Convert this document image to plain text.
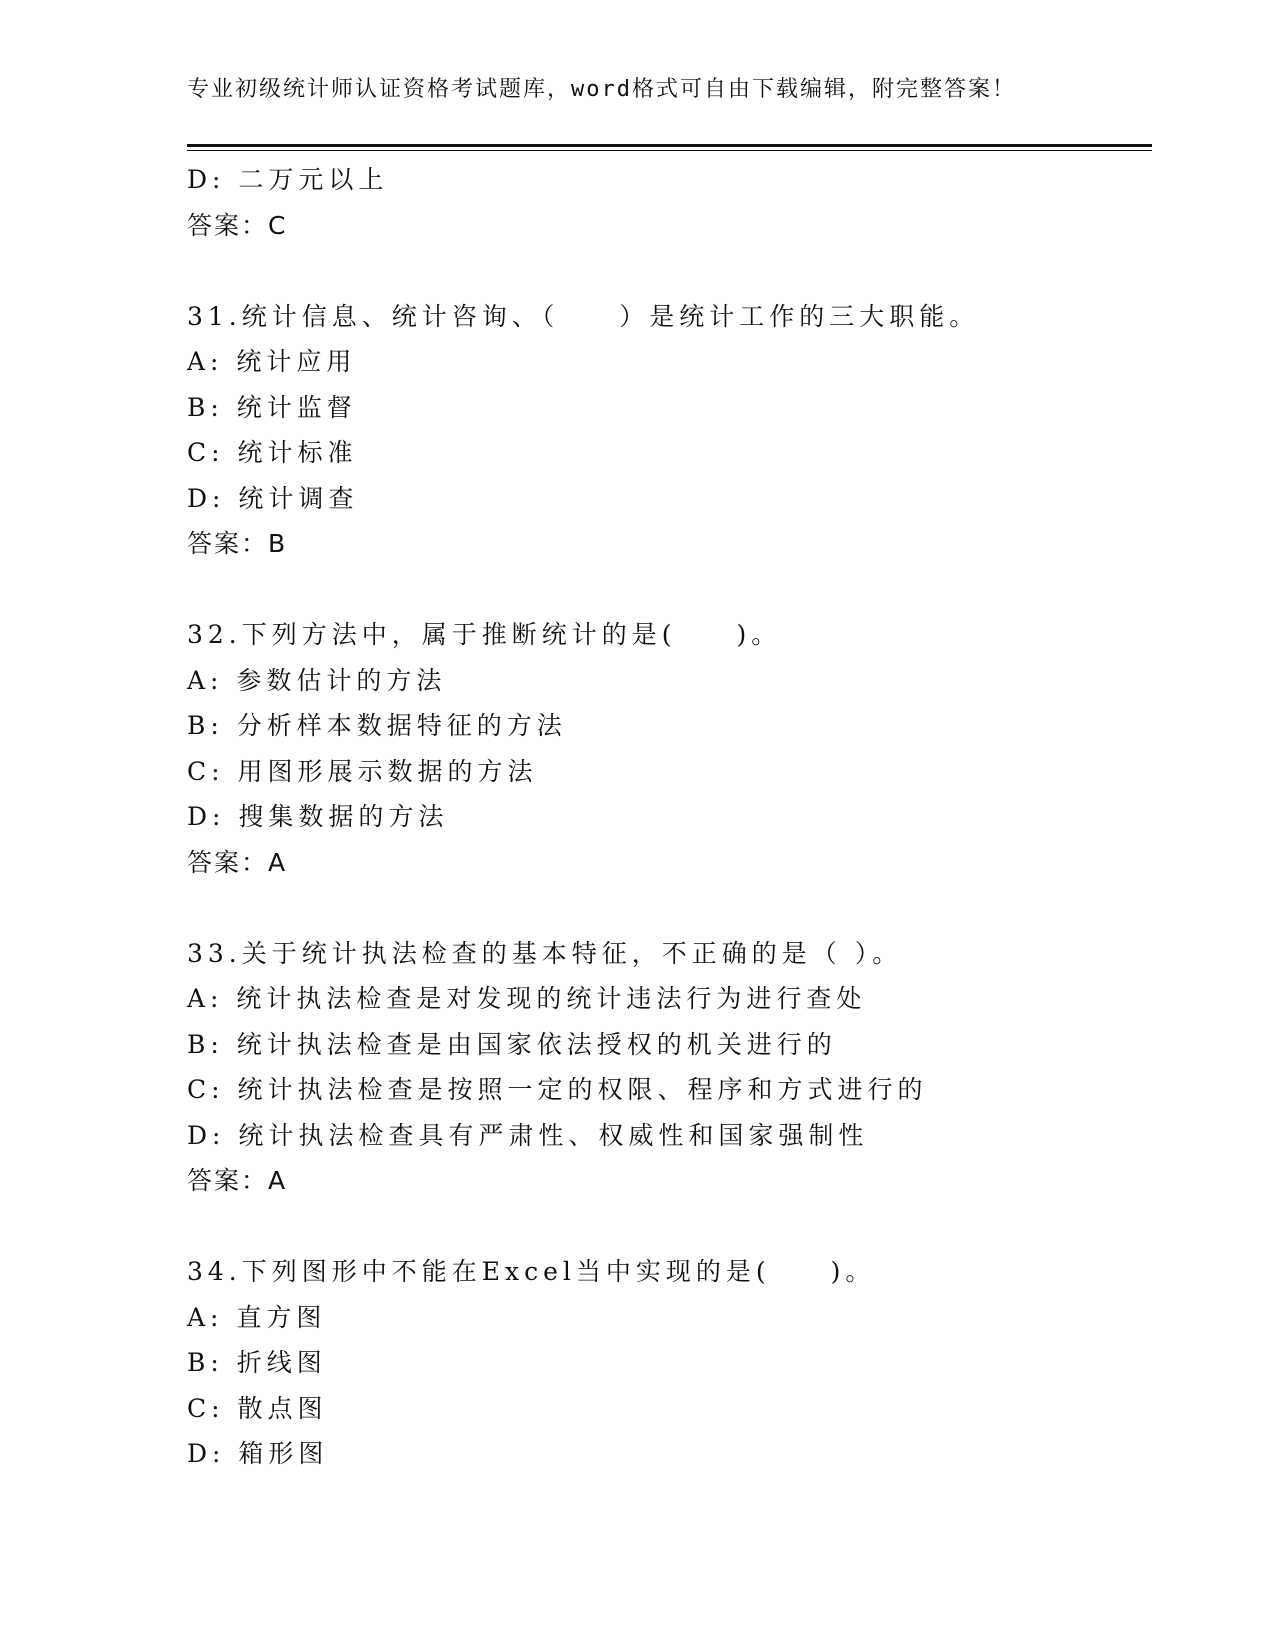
专业初级统计师认证资格考试题库，word格式可自由下载编辑，附完整答案！
D: 二万元以上
答案：C
31.统计信息、统计咨询、（　　）是统计工作的三大职能。
A: 统计应用
B: 统计监督
C: 统计标准
D: 统计调查
答案：B
32.下列方法中，属于推断统计的是(　　)。
A: 参数估计的方法
B: 分析样本数据特征的方法
C: 用图形展示数据的方法
D: 搜集数据的方法
答案：A
33.关于统计执法检查的基本特征，不正确的是（ ）。
A: 统计执法检查是对发现的统计违法行为进行查处
B: 统计执法检查是由国家依法授权的机关进行的
C: 统计执法检查是按照一定的权限、程序和方式进行的
D: 统计执法检查具有严肃性、权威性和国家强制性
答案：A
34.下列图形中不能在Excel当中实现的是(　　)。
A: 直方图
B: 折线图
C: 散点图
D: 箱形图
